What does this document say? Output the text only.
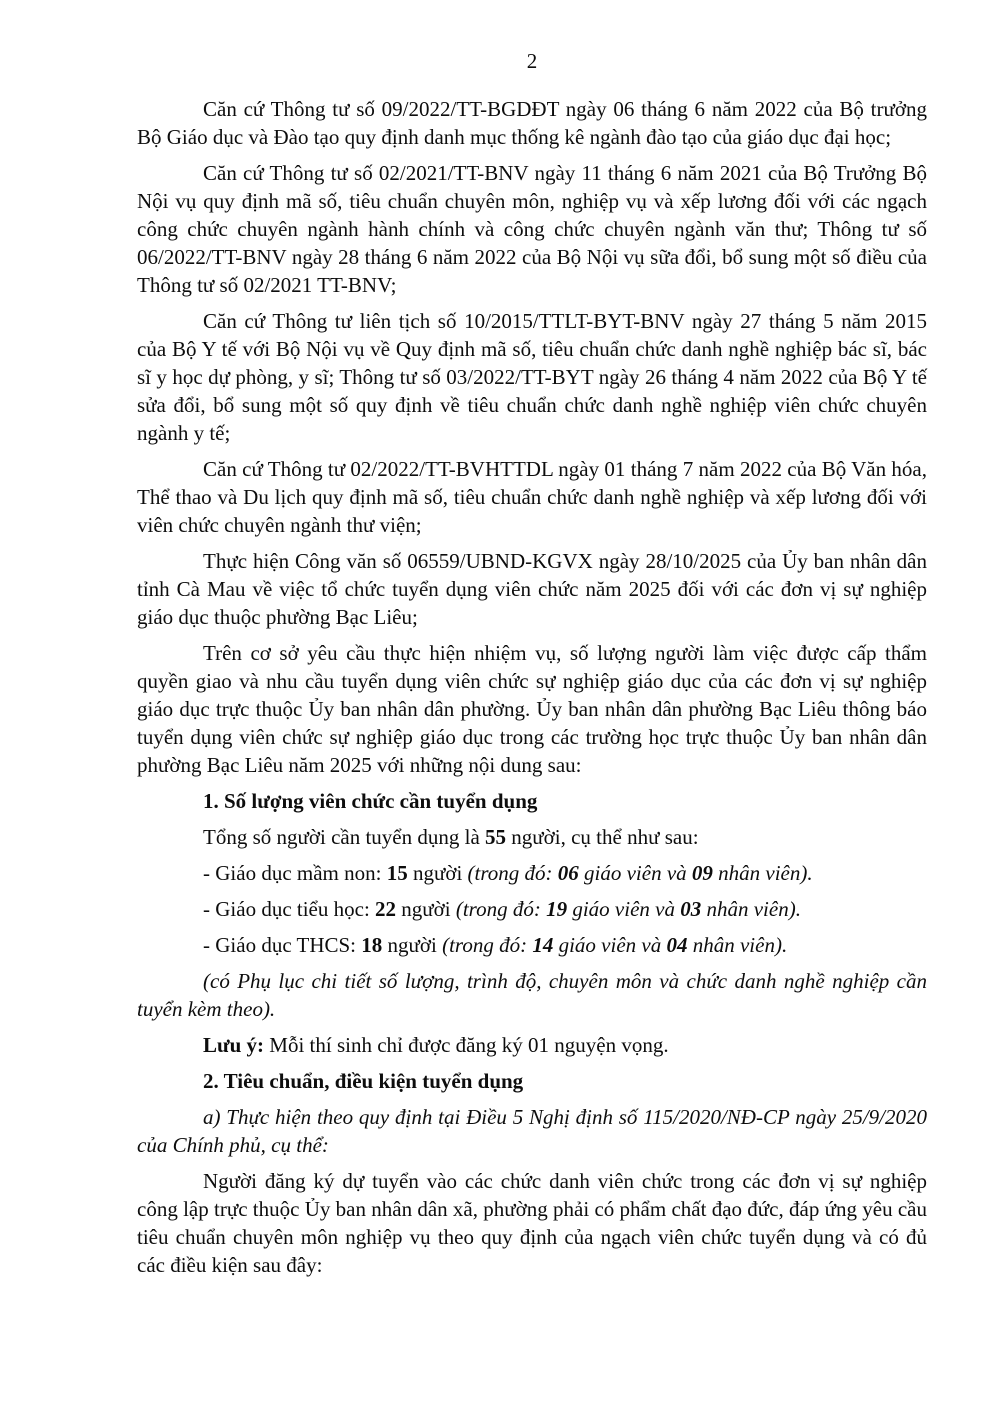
2

Căn cứ Thông tư số 09/2022/TT-BGDĐT ngày 06 tháng 6 năm 2022 của Bộ trưởng Bộ Giáo dục và Đào tạo quy định danh mục thống kê ngành đào tạo của giáo dục đại học;

Căn cứ Thông tư số 02/2021/TT-BNV ngày 11 tháng 6 năm 2021 của Bộ Trưởng Bộ Nội vụ quy định mã số, tiêu chuẩn chuyên môn, nghiệp vụ và xếp lương đối với các ngạch công chức chuyên ngành hành chính và công chức chuyên ngành văn thư; Thông tư số 06/2022/TT-BNV ngày 28 tháng 6 năm 2022 của Bộ Nội vụ sữa đổi, bổ sung một số điều của Thông tư số 02/2021 TT-BNV;

Căn cứ Thông tư liên tịch số 10/2015/TTLT-BYT-BNV ngày 27 tháng 5 năm 2015 của Bộ Y tế với Bộ Nội vụ về Quy định mã số, tiêu chuẩn chức danh nghề nghiệp bác sĩ, bác sĩ y học dự phòng, y sĩ; Thông tư số 03/2022/TT-BYT ngày 26 tháng 4 năm 2022 của Bộ Y tế sửa đổi, bổ sung một số quy định về tiêu chuẩn chức danh nghề nghiệp viên chức chuyên ngành y tế;

Căn cứ Thông tư 02/2022/TT-BVHTTDL ngày 01 tháng 7 năm 2022 của Bộ Văn hóa, Thể thao và Du lịch quy định mã số, tiêu chuẩn chức danh nghề nghiệp và xếp lương đối với viên chức chuyên ngành thư viện;

Thực hiện Công văn số 06559/UBND-KGVX ngày 28/10/2025 của Ủy ban nhân dân tỉnh Cà Mau về việc tổ chức tuyển dụng viên chức năm 2025 đối với các đơn vị sự nghiệp giáo dục thuộc phường Bạc Liêu;

Trên cơ sở yêu cầu thực hiện nhiệm vụ, số lượng người làm việc được cấp thẩm quyền giao và nhu cầu tuyển dụng viên chức sự nghiệp giáo dục của các đơn vị sự nghiệp giáo dục trực thuộc Ủy ban nhân dân phường. Ủy ban nhân dân phường Bạc Liêu thông báo tuyển dụng viên chức sự nghiệp giáo dục trong các trường học trực thuộc Ủy ban nhân dân phường Bạc Liêu năm 2025 với những nội dung sau:

1. Số lượng viên chức cần tuyển dụng

Tổng số người cần tuyển dụng là 55 người, cụ thể như sau:

- Giáo dục mầm non: 15 người (trong đó: 06 giáo viên và 09 nhân viên).

- Giáo dục tiểu học: 22 người (trong đó: 19 giáo viên và 03 nhân viên).

- Giáo dục THCS: 18 người (trong đó: 14 giáo viên và 04 nhân viên).

(có Phụ lục chi tiết số lượng, trình độ, chuyên môn và chức danh nghề nghiệp cần tuyển kèm theo).

Lưu ý: Mỗi thí sinh chỉ được đăng ký 01 nguyện vọng.

2. Tiêu chuẩn, điều kiện tuyển dụng

a) Thực hiện theo quy định tại Điều 5 Nghị định số 115/2020/NĐ-CP ngày 25/9/2020 của Chính phủ, cụ thể:

Người đăng ký dự tuyển vào các chức danh viên chức trong các đơn vị sự nghiệp công lập trực thuộc Ủy ban nhân dân xã, phường phải có phẩm chất đạo đức, đáp ứng yêu cầu tiêu chuẩn chuyên môn nghiệp vụ theo quy định của ngạch viên chức tuyển dụng và có đủ các điều kiện sau đây:
